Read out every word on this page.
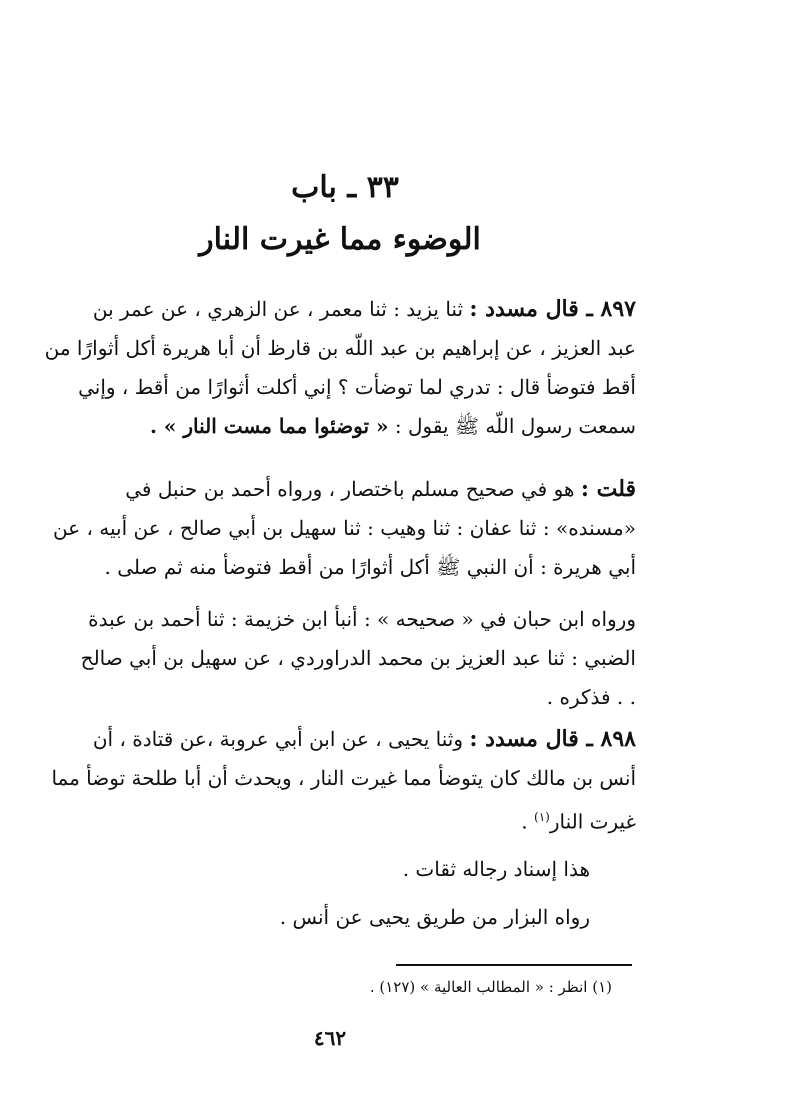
٣٣ ـ باب
الوضوء مما غيرت النار
٨٩٧ ـ قال مسدد : ثنا يزيد : ثنا معمر ، عن الزهري ، عن عمر بن
عبد العزيز ، عن إبراهيم بن عبد اللّه بن قارظ أن أبا هريرة أكل أثوارًا من
أقط فتوضأ قال : تدري لما توضأت ؟ إني أكلت أثوارًا من أقط ، وإني
سمعت رسول اللّه ﷺ يقول : « توضئوا مما مست النار » .
قلت : هو في صحيح مسلم باختصار ، ورواه أحمد بن حنبل في
«مسنده» : ثنا عفان : ثنا وهيب : ثنا سهيل بن أبي صالح ، عن أبيه ، عن
أبي هريرة : أن النبي ﷺ أكل أثوارًا من أقط فتوضأ منه ثم صلى .
ورواه ابن حبان في « صحيحه » : أنبأ ابن خزيمة : ثنا أحمد بن عبدة
الضبي : ثنا عبد العزيز بن محمد الدراوردي ، عن سهيل بن أبي صالح
. . فذكره .
٨٩٨ ـ قال مسدد : وثنا يحيى ، عن ابن أبي عروبة ،عن قتادة ، أن
أنس بن مالك كان يتوضأ مما غيرت النار ، ويحدث أن أبا طلحة توضأ مما
غيرت النار$^{(١)}$ .
هذا إسناد رجاله ثقات .
رواه البزار من طريق يحيى عن أنس .
(١) انظر : « المطالب العالية » (١٢٧) .
٤٦٢
